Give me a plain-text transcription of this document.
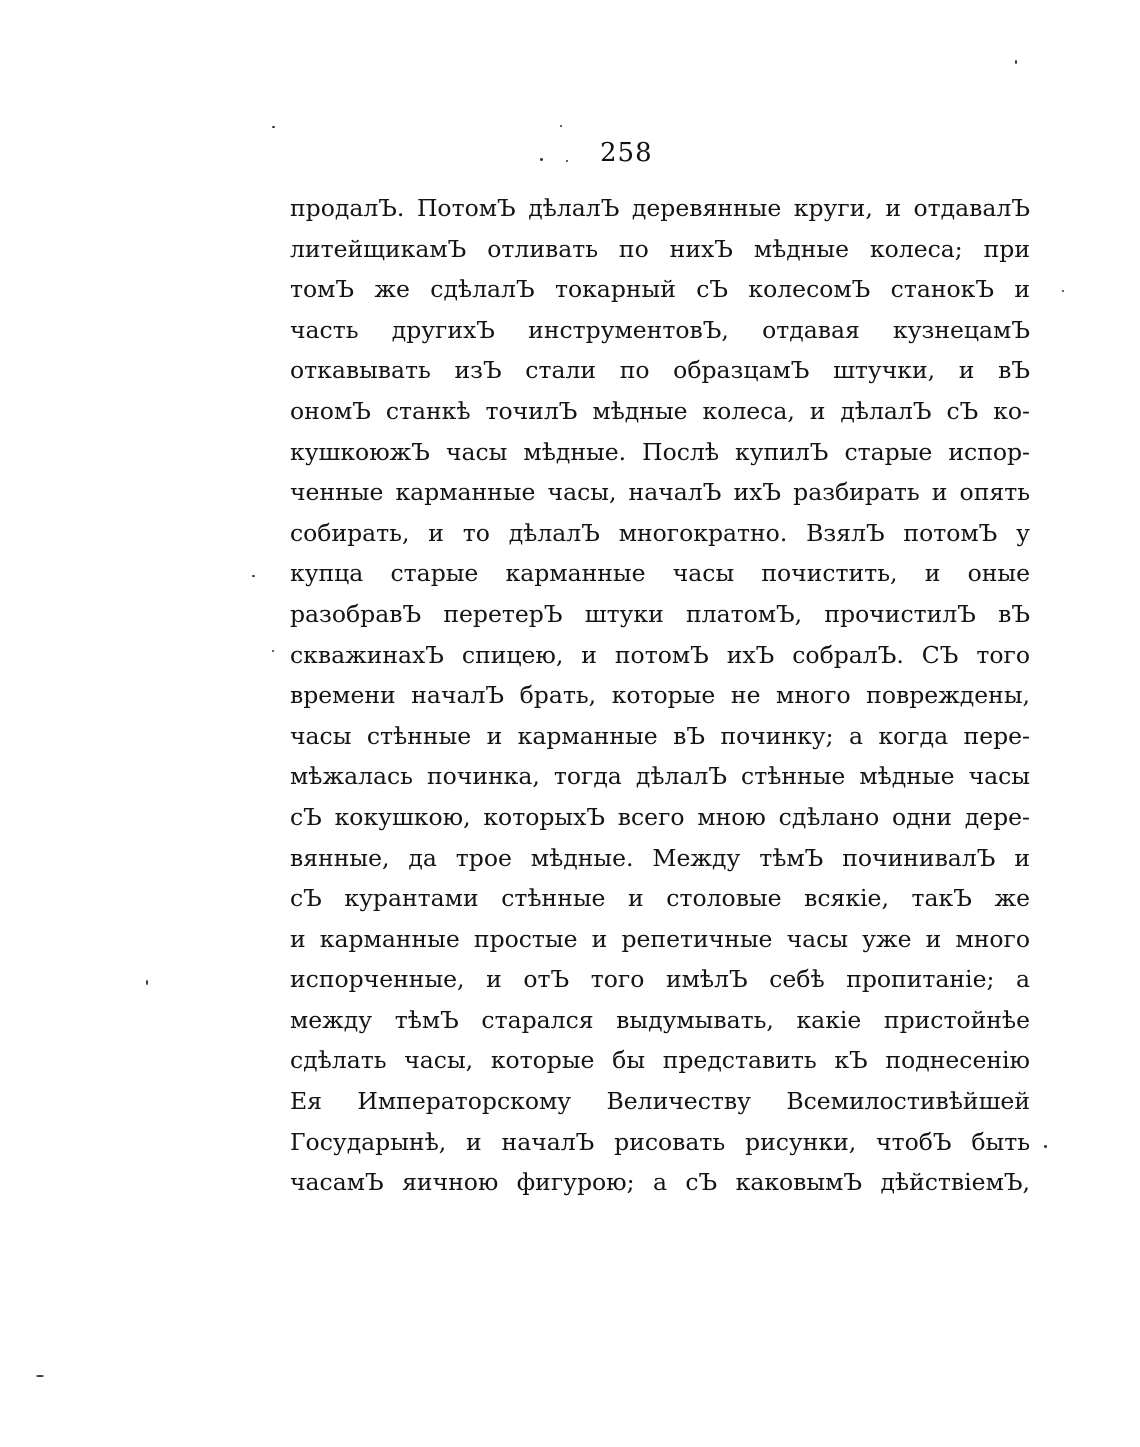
258
продалЪ. ПотомЪ дѣлалЪ деревянные круги, и отдавалЪ
литейщикамЪ отливать по нихЪ мѣдные колеса; при
томЪ же сдѣлалЪ токарный сЪ колесомЪ станокЪ и
часть другихЪ инструментовЪ, отдавая кузнецамЪ
откавывать изЪ стали по образцамЪ штучки, и вЪ
ономЪ станкѣ точилЪ мѣдные колеса, и дѣлалЪ сЪ ко-
кушкоюжЪ часы мѣдные. Послѣ купилЪ старые испор-
ченные карманные часы, началЪ ихЪ разбирать и опять
собирать, и то дѣлалЪ многократно. ВзялЪ потомЪ у
купца старые карманные часы почистить, и оные
разобравЪ перетерЪ штуки платомЪ, прочистилЪ вЪ
скважинахЪ спицею, и потомЪ ихЪ собралЪ. СЪ того
времени началЪ брать, которые не много повреждены,
часы стѣнные и карманные вЪ починку; а когда пере-
мѣжалась починка, тогда дѣлалЪ стѣнные мѣдные часы
сЪ кокушкою, которыхЪ всего мною сдѣлано одни дере-
вянные, да трое мѣдные. Между тѣмЪ починивалЪ и
сЪ курантами стѣнные и столовые всякіе, такЪ же
и карманные простые и репетичные часы уже и много
испорченные, и отЪ того имѣлЪ себѣ пропитаніе; а
между тѣмЪ старался выдумывать, какіе пристойнѣе
сдѣлать часы, которые бы представить кЪ поднесенію
Ея Императорскому Величеству Всемилостивѣйшей
Государынѣ, и началЪ рисовать рисунки, чтобЪ быть
часамЪ яичною фигурою; а сЪ каковымЪ дѣйствіемЪ,
